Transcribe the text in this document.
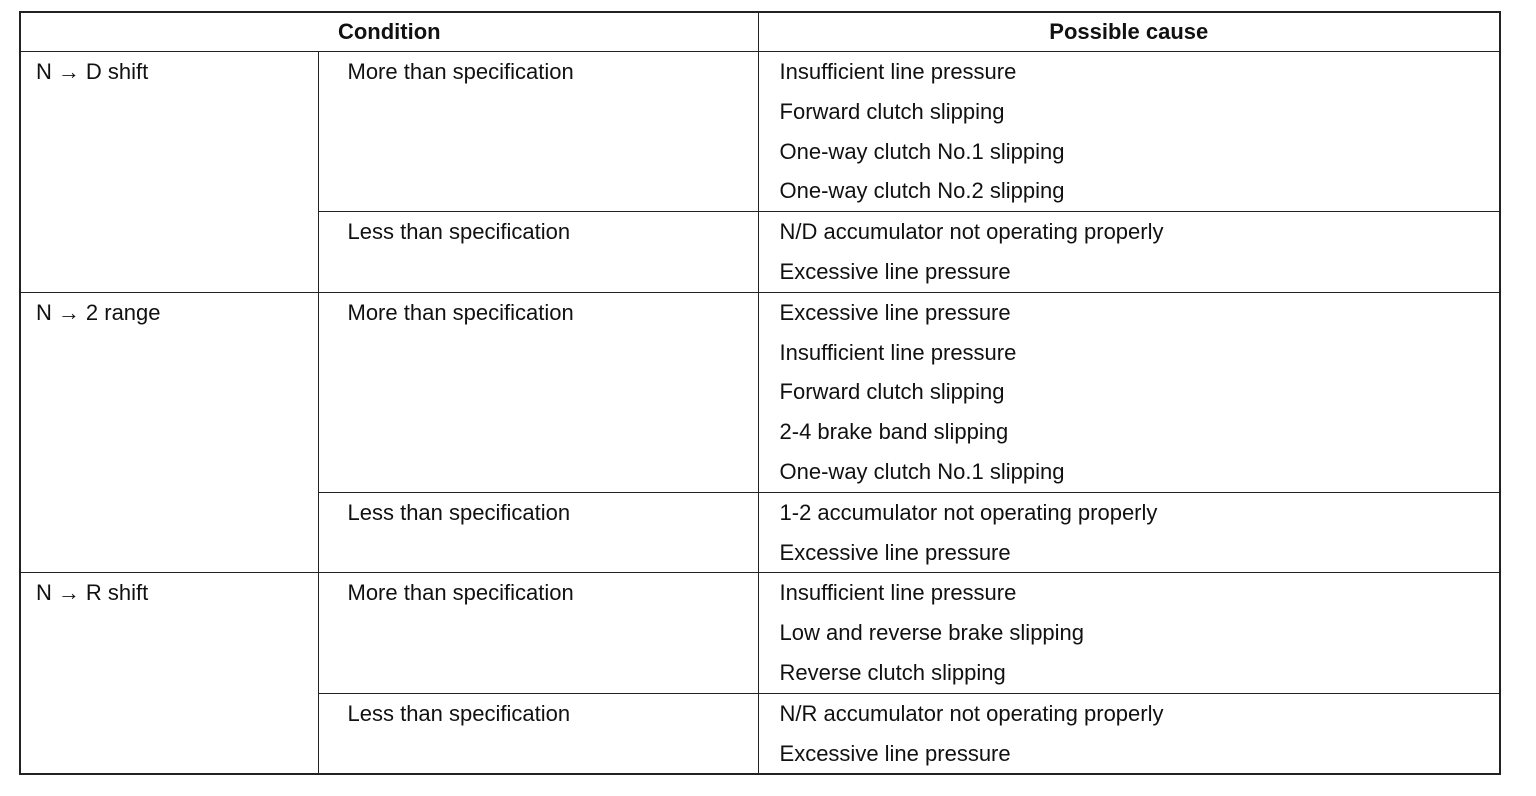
Condition		Possible cause

N → D shift	More than specification	Insufficient line pressure
Forward clutch slipping
One-way clutch No.1 slipping
One-way clutch No.2 slipping

	Less than specification	N/D accumulator not operating properly
Excessive line pressure

N → 2 range	More than specification	Excessive line pressure
Insufficient line pressure
Forward clutch slipping
2-4 brake band slipping
One-way clutch No.1 slipping

	Less than specification	1-2 accumulator not operating properly
Excessive line pressure

N → R shift	More than specification	Insufficient line pressure
Low and reverse brake slipping
Reverse clutch slipping

	Less than specification	N/R accumulator not operating properly
Excessive line pressure
